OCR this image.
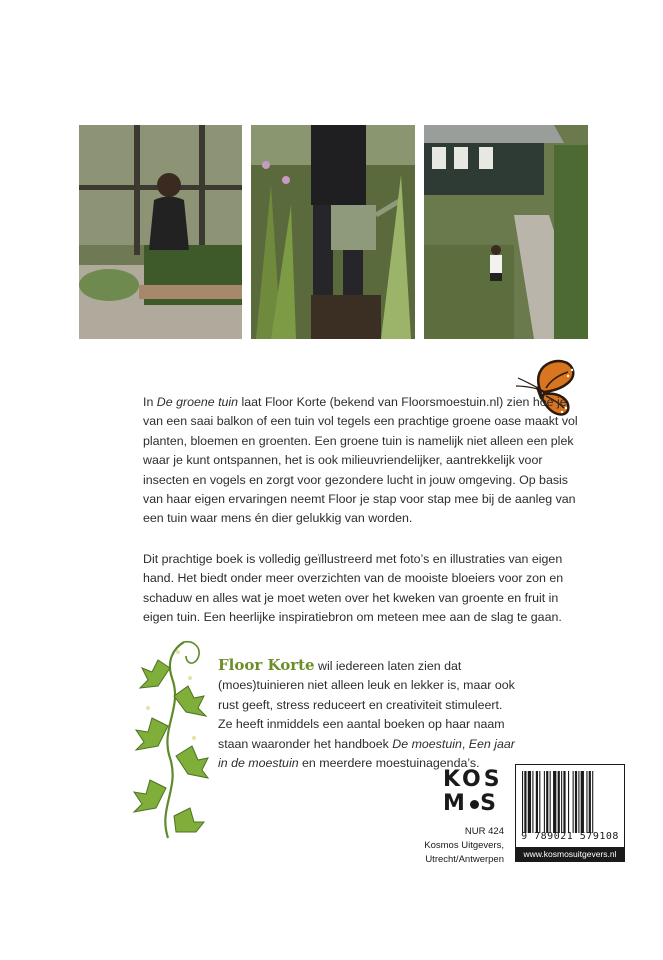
In De groene tuin laat Floor Korte (bekend van Floorsmoestuin.nl) zien hoe je van een saai balkon of een tuin vol tegels een prachtige groene oase maakt vol planten, bloemen en groenten. Een groene tuin is namelijk niet alleen een plek waar je kunt ontspannen, het is ook milieuvriendelijker, aantrekkelijk voor insecten en vogels en zorgt voor gezondere lucht in jouw omgeving. Op basis van haar eigen ervaringen neemt Floor je stap voor stap mee bij de aanleg van een tuin waar mens én dier gelukkig van worden.

Dit prachtige boek is volledig geïllustreerd met foto’s en illustraties van eigen hand. Het biedt onder meer overzichten van de mooiste bloeiers voor zon en schaduw en alles wat je moet weten over het kweken van groente en fruit in eigen tuin. Een heerlijke inspiratiebron om meteen mee aan de slag te gaan.

Floor Korte wil iedereen laten zien dat (moes)tuinieren niet alleen leuk en lekker is, maar ook rust geeft, stress reduceert en creativiteit stimuleert. Ze heeft inmiddels een aantal boeken op haar naam staan waaronder het handboek De moestuin, Een jaar in de moestuin en meerdere moestuinagenda’s.

KOS
M S
NUR 424
Kosmos Uitgevers,
Utrecht/Antwerpen
9 789021 579108
www.kosmosuitgevers.nl
